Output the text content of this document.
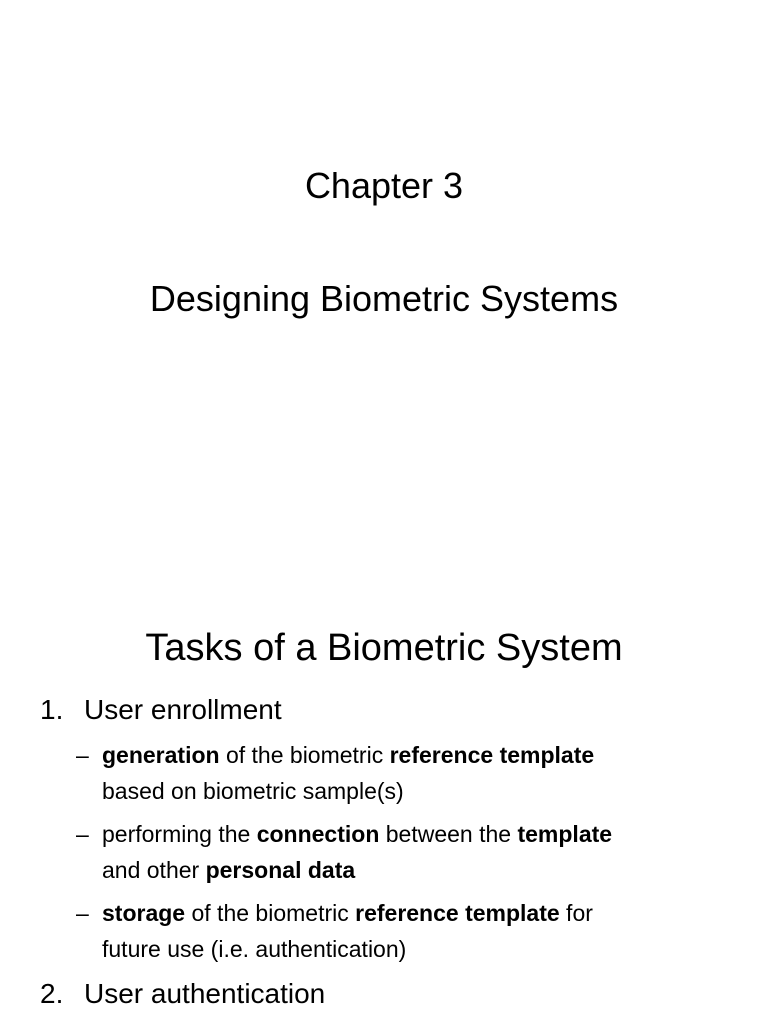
Chapter 3
Designing Biometric Systems
Tasks of a Biometric System
1. User enrollment
– generation of the biometric reference template
based on biometric sample(s)
– performing the connection between the template
and other personal data
– storage of the biometric reference template for
future use (i.e. authentication)
2. User authentication
